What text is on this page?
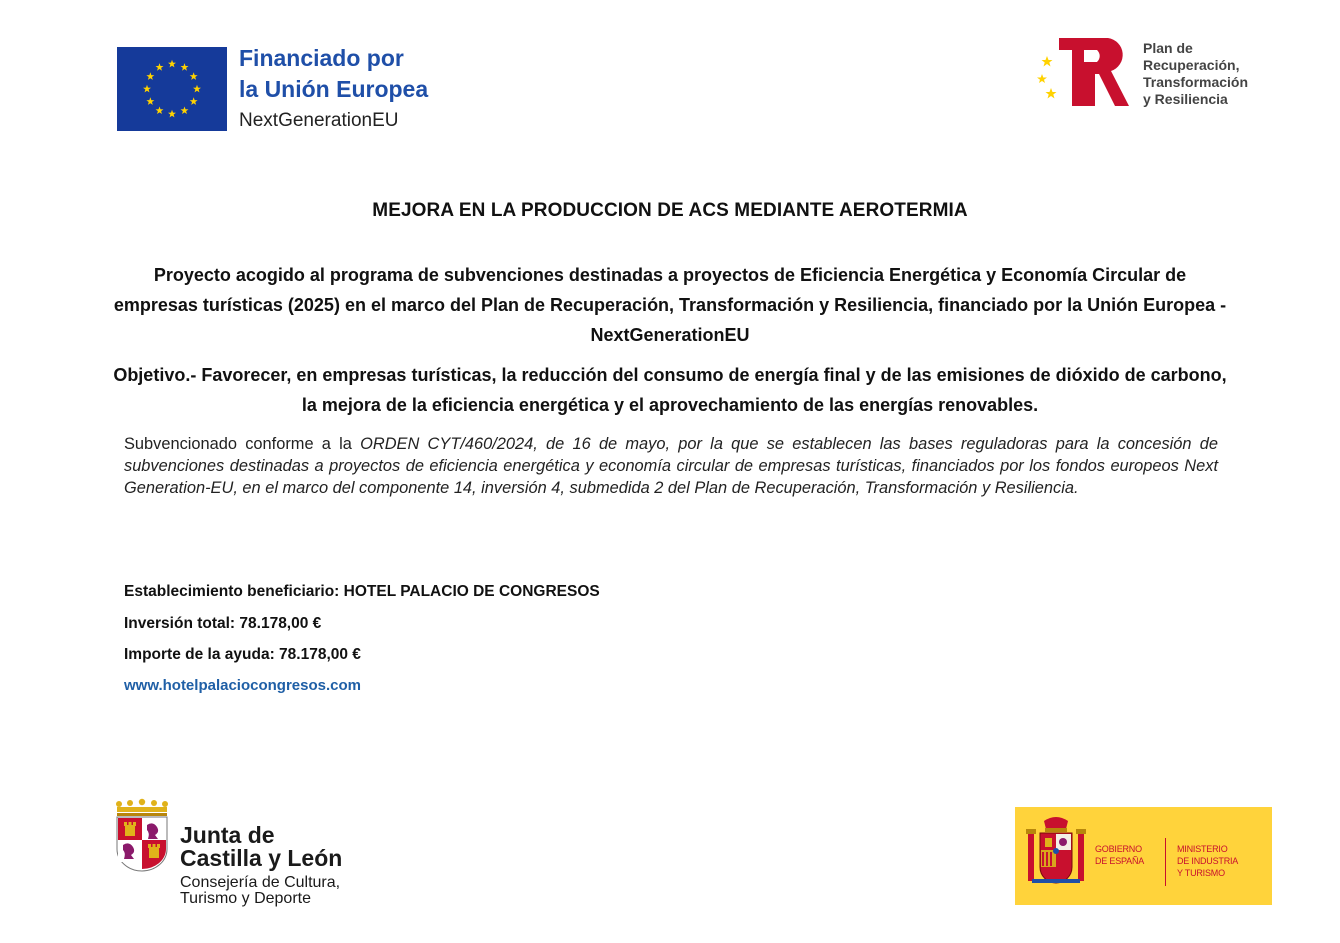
Financiado por
la Unión Europea
NextGenerationEU
Plan de
Recuperación,
Transformación
y Resiliencia
MEJORA EN LA PRODUCCION DE ACS MEDIANTE AEROTERMIA
Proyecto acogido al programa de subvenciones destinadas a proyectos de Eficiencia Energética y Economía Circular de empresas turísticas (2025) en el marco del Plan de Recuperación, Transformación y Resiliencia, financiado por la Unión Europea - NextGenerationEU
Objetivo.- Favorecer, en empresas turísticas, la reducción del consumo de energía final y de las emisiones de dióxido de carbono, la mejora de la eficiencia energética y el aprovechamiento de las energías renovables.
Subvencionado conforme a la ORDEN CYT/460/2024, de 16 de mayo, por la que se establecen las bases reguladoras para la concesión de subvenciones destinadas a proyectos de eficiencia energética y economía circular de empresas turísticas, financiados por los fondos europeos Next Generation-EU, en el marco del componente 14, inversión 4, submedida 2 del Plan de Recuperación, Transformación y Resiliencia.
Establecimiento beneficiario: HOTEL PALACIO DE CONGRESOS
Inversión total: 78.178,00 €
Importe de la ayuda: 78.178,00 €
www.hotelpalaciocongresos.com
Junta de
Castilla y León
Consejería de Cultura,
Turismo y Deporte
GOBIERNO
DE ESPAÑA
MINISTERIO
DE INDUSTRIA
Y TURISMO
